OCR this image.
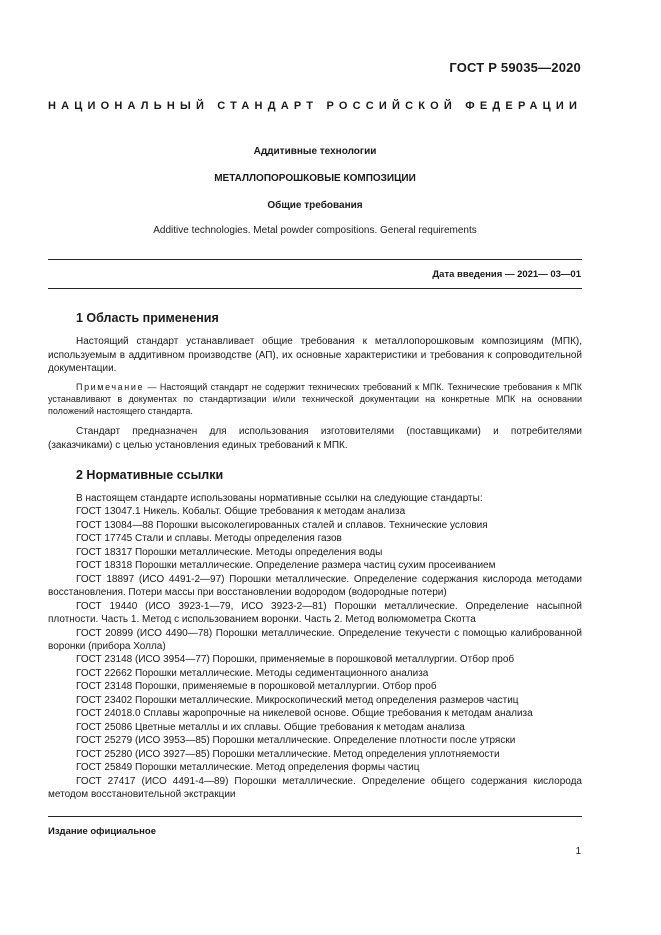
ГОСТ Р 59035—2020
НАЦИОНАЛЬНЫЙ СТАНДАРТ РОССИЙСКОЙ ФЕДЕРАЦИИ
Аддитивные технологии
МЕТАЛЛОПОРОШКОВЫЕ КОМПОЗИЦИИ
Общие требования
Additive technologies. Metal powder compositions. General requirements
Дата введения — 2021— 03—01
1 Область применения

Настоящий стандарт устанавливает общие требования к металлопорошковым композициям (МПК), используемым в аддитивном производстве (АП), их основные характеристики и требования к сопроводительной документации.

Примечание — Настоящий стандарт не содержит технических требований к МПК. Технические требования к МПК устанавливают в документах по стандартизации и/или технической документации на конкретные МПК на основании положений настоящего стандарта.

Стандарт предназначен для использования изготовителями (поставщиками) и потребителями (заказчиками) с целью установления единых требований к МПК.

2 Нормативные ссылки
В настоящем стандарте использованы нормативные ссылки на следующие стандарты:
ГОСТ 13047.1 Никель. Кобальт. Общие требования к методам анализа
ГОСТ 13084—88 Порошки высоколегированных сталей и сплавов. Технические условия
ГОСТ 17745 Стали и сплавы. Методы определения газов
ГОСТ 18317 Порошки металлические. Методы определения воды
ГОСТ 18318 Порошки металлические. Определение размера частиц сухим просеиванием
ГОСТ 18897 (ИСО 4491-2—97) Порошки металлические. Определение содержания кислорода методами восстановления. Потери массы при восстановлении водородом (водородные потери)
ГОСТ 19440 (ИСО 3923-1—79, ИСО 3923-2—81) Порошки металлические. Определение насыпной плотности. Часть 1. Метод с использованием воронки. Часть 2. Метод волюмометра Скотта
ГОСТ 20899 (ИСО 4490—78) Порошки металлические. Определение текучести с помощью калиброванной воронки (прибора Холла)
ГОСТ 23148 (ИСО 3954—77) Порошки, применяемые в порошковой металлургии. Отбор проб
ГОСТ 22662 Порошки металлические. Методы седиментационного анализа
ГОСТ 23148 Порошки, применяемые в порошковой металлургии. Отбор проб
ГОСТ 23402 Порошки металлические. Микроскопический метод определения размеров частиц
ГОСТ 24018.0 Сплавы жаропрочные на никелевой основе. Общие требования к методам анализа
ГОСТ 25086 Цветные металлы и их сплавы. Общие требования к методам анализа
ГОСТ 25279 (ИСО 3953—85) Порошки металлические. Определение плотности после утряски
ГОСТ 25280 (ИСО 3927—85) Порошки металлические. Метод определения уплотняемости
ГОСТ 25849 Порошки металлические. Метод определения формы частиц
ГОСТ 27417 (ИСО 4491-4—89) Порошки металлические. Определение общего содержания кислорода методом восстановительной экстракции
Издание официальное
1
